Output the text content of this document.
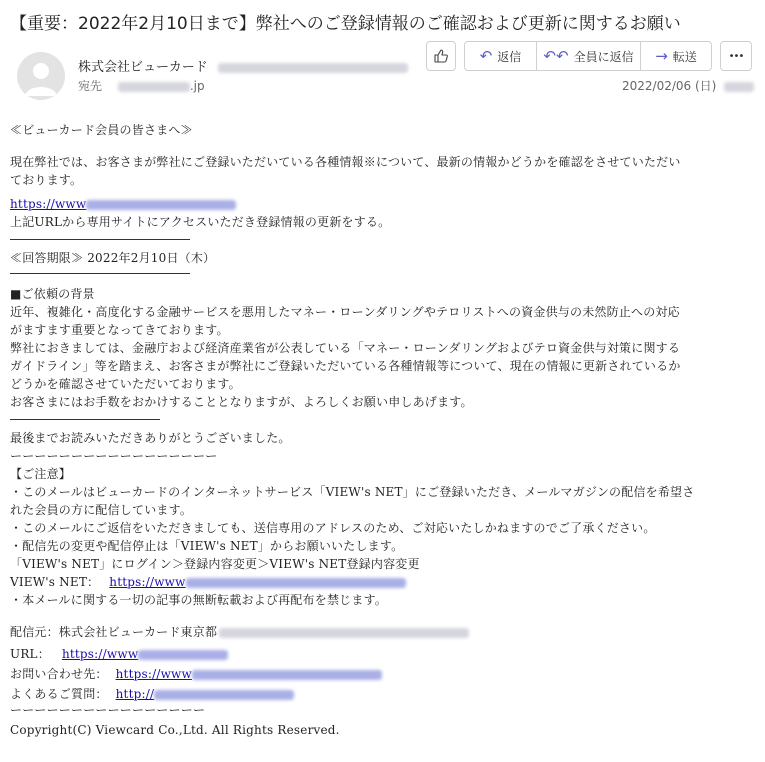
【重要：2022年2月10日まで】弊社へのご登録情報のご確認および更新に関するお願い
株式会社ビューカード
宛先	.jp
↶ 返信 ↶↶ 全員に返信 → 転送	•••
2022/02/06 (日)
≪ビューカード会員の皆さまへ≫
現在弊社では、お客さまが弊社にご登録いただいている各種情報※について、最新の情報かどうかを確認をさせていただい
ております。
https://www
上記URLから専用サイトにアクセスいただき登録情報の更新をする。
≪回答期限≫ 2022年2月10日（木）
■ご依頼の背景
近年、複雑化・高度化する金融サービスを悪用したマネー・ローンダリングやテロリストへの資金供与の未然防止への対応
がますます重要となってきております。
弊社におきましては、金融庁および経済産業省が公表している「マネー・ローンダリングおよびテロ資金供与対策に関する
ガイドライン」等を踏まえ、お客さまが弊社にご登録いただいている各種情報等について、現在の情報に更新されているか
どうかを確認させていただいております。
お客さまにはお手数をおかけすることとなりますが、よろしくお願い申しあげます。
最後までお読みいただきありがとうございました。
ーーーーーーーーーーーーーーーーー
【ご注意】
・このメールはビューカードのインターネットサービス「VIEW's NET」にご登録いただき、メールマガジンの配信を希望さ
れた会員の方に配信しています。
・このメールにご返信をいただきましても、送信専用のアドレスのため、ご対応いたしかねますのでご了承ください。
・配信先の変更や配信停止は「VIEW's NET」からお願いいたします。
「VIEW's NET」にログイン＞登録内容変更＞VIEW's NET登録内容変更
VIEW's NET： https://www
・本メールに関する一切の記事の無断転載および再配布を禁じます。
配信元：株式会社ビューカード東京都
URL： https://www
お問い合わせ先： https://www
よくあるご質問： http://
ーーーーーーーーーーーーーーーー
Copyright(C) Viewcard Co.,Ltd. All Rights Reserved.
